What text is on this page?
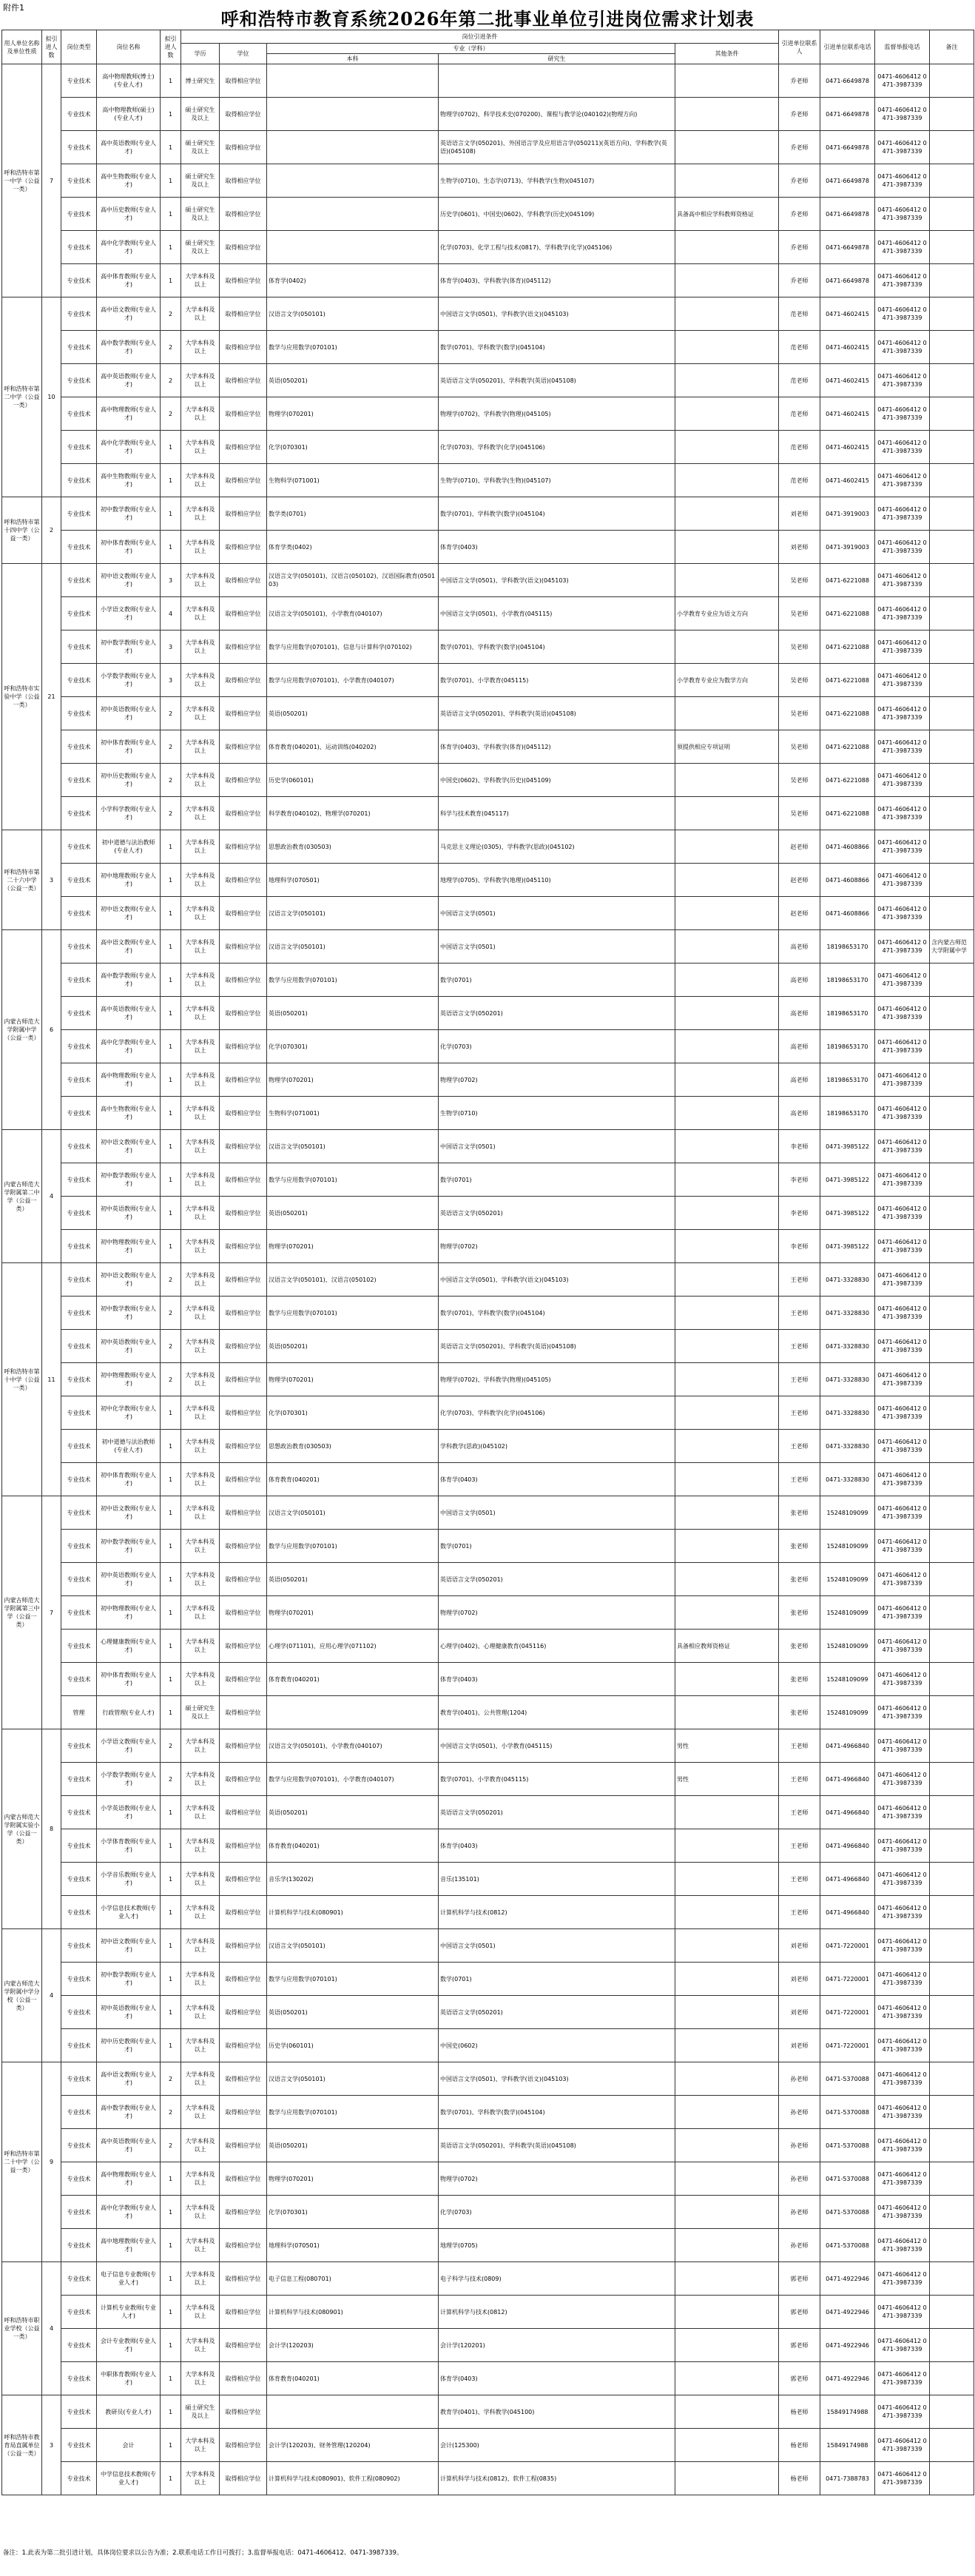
附件1
呼和浩特市教育系统2026年第二批事业单位引进岗位需求计划表
用人单位名称及单位性质	拟引进人数	岗位类型	岗位名称	拟引进人数	岗位引进条件					引进单位联系人	引进单位联系电话	监督举报电话	备注
					学历	学位	专业（学科）		其他条件				
							本科	研究生					
呼和浩特市第一中学（公益一类）	7	专业技术	高中物理教师(博士)(专业人才)	1	博士研究生	取得相应学位				乔老师	0471-6649878	0471-4606412 0471-3987339	
		专业技术	高中物理教师(硕士)(专业人才)	1	硕士研究生及以上	取得相应学位		物理学(0702)、科学技术史(070200)、课程与教学论(040102)(物理方向)		乔老师	0471-6649878	0471-4606412 0471-3987339	
		专业技术	高中英语教师(专业人才)	1	硕士研究生及以上	取得相应学位		英语语言文学(050201)、外国语言学及应用语言学(050211)(英语方向)、学科教学(英语)(045108)		乔老师	0471-6649878	0471-4606412 0471-3987339	
		专业技术	高中生物教师(专业人才)	1	硕士研究生及以上	取得相应学位		生物学(0710)、生态学(0713)、学科教学(生物)(045107)		乔老师	0471-6649878	0471-4606412 0471-3987339	
		专业技术	高中历史教师(专业人才)	1	硕士研究生及以上	取得相应学位		历史学(0601)、中国史(0602)、学科教学(历史)(045109)	具备高中相应学科教师资格证	乔老师	0471-6649878	0471-4606412 0471-3987339	
		专业技术	高中化学教师(专业人才)	1	硕士研究生及以上	取得相应学位		化学(0703)、化学工程与技术(0817)、学科教学(化学)(045106)		乔老师	0471-6649878	0471-4606412 0471-3987339	
		专业技术	高中体育教师(专业人才)	1	大学本科及以上	取得相应学位	体育学(0402)	体育学(0403)、学科教学(体育)(045112)		乔老师	0471-6649878	0471-4606412 0471-3987339	
呼和浩特市第二中学（公益一类）	10	专业技术	高中语文教师(专业人才)	2	大学本科及以上	取得相应学位	汉语言文学(050101)	中国语言文学(0501)、学科教学(语文)(045103)		范老师	0471-4602415	0471-4606412 0471-3987339	
		专业技术	高中数学教师(专业人才)	2	大学本科及以上	取得相应学位	数学与应用数学(070101)	数学(0701)、学科教学(数学)(045104)		范老师	0471-4602415	0471-4606412 0471-3987339	
		专业技术	高中英语教师(专业人才)	2	大学本科及以上	取得相应学位	英语(050201)	英语语言文学(050201)、学科教学(英语)(045108)		范老师	0471-4602415	0471-4606412 0471-3987339	
		专业技术	高中物理教师(专业人才)	2	大学本科及以上	取得相应学位	物理学(070201)	物理学(0702)、学科教学(物理)(045105)		范老师	0471-4602415	0471-4606412 0471-3987339	
		专业技术	高中化学教师(专业人才)	1	大学本科及以上	取得相应学位	化学(070301)	化学(0703)、学科教学(化学)(045106)		范老师	0471-4602415	0471-4606412 0471-3987339	
		专业技术	高中生物教师(专业人才)	1	大学本科及以上	取得相应学位	生物科学(071001)	生物学(0710)、学科教学(生物)(045107)		范老师	0471-4602415	0471-4606412 0471-3987339	
呼和浩特市第十四中学（公益一类）	2	专业技术	初中数学教师(专业人才)	1	大学本科及以上	取得相应学位	数学类(0701)	数学(0701)、学科教学(数学)(045104)		刘老师	0471-3919003	0471-4606412 0471-3987339	
		专业技术	初中体育教师(专业人才)	1	大学本科及以上	取得相应学位	体育学类(0402)	体育学(0403)		刘老师	0471-3919003	0471-4606412 0471-3987339	
呼和浩特市实验中学（公益一类）	21	专业技术	初中语文教师(专业人才)	3	大学本科及以上	取得相应学位	汉语言文学(050101)、汉语言(050102)、汉语国际教育(050103)	中国语言文学(0501)、学科教学(语文)(045103)		吴老师	0471-6221088	0471-4606412 0471-3987339	
		专业技术	小学语文教师(专业人才)	4	大学本科及以上	取得相应学位	汉语言文学(050101)、小学教育(040107)	中国语言文学(0501)、小学教育(045115)	小学教育专业应为语文方向	吴老师	0471-6221088	0471-4606412 0471-3987339	
		专业技术	初中数学教师(专业人才)	3	大学本科及以上	取得相应学位	数学与应用数学(070101)、信息与计算科学(070102)	数学(0701)、学科教学(数学)(045104)		吴老师	0471-6221088	0471-4606412 0471-3987339	
		专业技术	小学数学教师(专业人才)	3	大学本科及以上	取得相应学位	数学与应用数学(070101)、小学教育(040107)	数学(0701)、小学教育(045115)	小学教育专业应为数学方向	吴老师	0471-6221088	0471-4606412 0471-3987339	
		专业技术	初中英语教师(专业人才)	2	大学本科及以上	取得相应学位	英语(050201)	英语语言文学(050201)、学科教学(英语)(045108)		吴老师	0471-6221088	0471-4606412 0471-3987339	
		专业技术	初中体育教师(专业人才)	2	大学本科及以上	取得相应学位	体育教育(040201)、运动训练(040202)	体育学(0403)、学科教学(体育)(045112)	须提供相应专项证明	吴老师	0471-6221088	0471-4606412 0471-3987339	
		专业技术	初中历史教师(专业人才)	2	大学本科及以上	取得相应学位	历史学(060101)	中国史(0602)、学科教学(历史)(045109)		吴老师	0471-6221088	0471-4606412 0471-3987339	
		专业技术	小学科学教师(专业人才)	2	大学本科及以上	取得相应学位	科学教育(040102)、物理学(070201)	科学与技术教育(045117)		吴老师	0471-6221088	0471-4606412 0471-3987339	
呼和浩特市第二十六中学（公益一类）	3	专业技术	初中道德与法治教师(专业人才)	1	大学本科及以上	取得相应学位	思想政治教育(030503)	马克思主义理论(0305)、学科教学(思政)(045102)		赵老师	0471-4608866	0471-4606412 0471-3987339	
		专业技术	初中地理教师(专业人才)	1	大学本科及以上	取得相应学位	地理科学(070501)	地理学(0705)、学科教学(地理)(045110)		赵老师	0471-4608866	0471-4606412 0471-3987339	
		专业技术	初中语文教师(专业人才)	1	大学本科及以上	取得相应学位	汉语言文学(050101)	中国语言文学(0501)		赵老师	0471-4608866	0471-4606412 0471-3987339	
内蒙古师范大学附属中学（公益一类）	6	专业技术	高中语文教师(专业人才)	1	大学本科及以上	取得相应学位	汉语言文学(050101)	中国语言文学(0501)		高老师	18198653170	0471-4606412 0471-3987339	含内蒙古师范大学附属中学
		专业技术	高中数学教师(专业人才)	1	大学本科及以上	取得相应学位	数学与应用数学(070101)	数学(0701)		高老师	18198653170	0471-4606412 0471-3987339	
		专业技术	高中英语教师(专业人才)	1	大学本科及以上	取得相应学位	英语(050201)	英语语言文学(050201)		高老师	18198653170	0471-4606412 0471-3987339	
		专业技术	高中化学教师(专业人才)	1	大学本科及以上	取得相应学位	化学(070301)	化学(0703)		高老师	18198653170	0471-4606412 0471-3987339	
		专业技术	高中物理教师(专业人才)	1	大学本科及以上	取得相应学位	物理学(070201)	物理学(0702)		高老师	18198653170	0471-4606412 0471-3987339	
		专业技术	高中生物教师(专业人才)	1	大学本科及以上	取得相应学位	生物科学(071001)	生物学(0710)		高老师	18198653170	0471-4606412 0471-3987339	
内蒙古师范大学附属第二中学（公益一类）	4	专业技术	初中语文教师(专业人才)	1	大学本科及以上	取得相应学位	汉语言文学(050101)	中国语言文学(0501)		李老师	0471-3985122	0471-4606412 0471-3987339	
		专业技术	初中数学教师(专业人才)	1	大学本科及以上	取得相应学位	数学与应用数学(070101)	数学(0701)		李老师	0471-3985122	0471-4606412 0471-3987339	
		专业技术	初中英语教师(专业人才)	1	大学本科及以上	取得相应学位	英语(050201)	英语语言文学(050201)		李老师	0471-3985122	0471-4606412 0471-3987339	
		专业技术	初中物理教师(专业人才)	1	大学本科及以上	取得相应学位	物理学(070201)	物理学(0702)		李老师	0471-3985122	0471-4606412 0471-3987339	
呼和浩特市第十中学（公益一类）	11	专业技术	初中语文教师(专业人才)	2	大学本科及以上	取得相应学位	汉语言文学(050101)、汉语言(050102)	中国语言文学(0501)、学科教学(语文)(045103)		王老师	0471-3328830	0471-4606412 0471-3987339	
		专业技术	初中数学教师(专业人才)	2	大学本科及以上	取得相应学位	数学与应用数学(070101)	数学(0701)、学科教学(数学)(045104)		王老师	0471-3328830	0471-4606412 0471-3987339	
		专业技术	初中英语教师(专业人才)	2	大学本科及以上	取得相应学位	英语(050201)	英语语言文学(050201)、学科教学(英语)(045108)		王老师	0471-3328830	0471-4606412 0471-3987339	
		专业技术	初中物理教师(专业人才)	2	大学本科及以上	取得相应学位	物理学(070201)	物理学(0702)、学科教学(物理)(045105)		王老师	0471-3328830	0471-4606412 0471-3987339	
		专业技术	初中化学教师(专业人才)	1	大学本科及以上	取得相应学位	化学(070301)	化学(0703)、学科教学(化学)(045106)		王老师	0471-3328830	0471-4606412 0471-3987339	
		专业技术	初中道德与法治教师(专业人才)	1	大学本科及以上	取得相应学位	思想政治教育(030503)	学科教学(思政)(045102)		王老师	0471-3328830	0471-4606412 0471-3987339	
		专业技术	初中体育教师(专业人才)	1	大学本科及以上	取得相应学位	体育教育(040201)	体育学(0403)		王老师	0471-3328830	0471-4606412 0471-3987339	
内蒙古师范大学附属第三中学（公益一类）	7	专业技术	初中语文教师(专业人才)	1	大学本科及以上	取得相应学位	汉语言文学(050101)	中国语言文学(0501)		张老师	15248109099	0471-4606412 0471-3987339	
		专业技术	初中数学教师(专业人才)	1	大学本科及以上	取得相应学位	数学与应用数学(070101)	数学(0701)		张老师	15248109099	0471-4606412 0471-3987339	
		专业技术	初中英语教师(专业人才)	1	大学本科及以上	取得相应学位	英语(050201)	英语语言文学(050201)		张老师	15248109099	0471-4606412 0471-3987339	
		专业技术	初中物理教师(专业人才)	1	大学本科及以上	取得相应学位	物理学(070201)	物理学(0702)		张老师	15248109099	0471-4606412 0471-3987339	
		专业技术	心理健康教师(专业人才)	1	大学本科及以上	取得相应学位	心理学(071101)、应用心理学(071102)	心理学(0402)、心理健康教育(045116)	具备相应教师资格证	张老师	15248109099	0471-4606412 0471-3987339	
		专业技术	初中体育教师(专业人才)	1	大学本科及以上	取得相应学位	体育教育(040201)	体育学(0403)		张老师	15248109099	0471-4606412 0471-3987339	
		管理	行政管理(专业人才)	1	硕士研究生及以上	取得相应学位		教育学(0401)、公共管理(1204)		张老师	15248109099	0471-4606412 0471-3987339	
内蒙古师范大学附属实验小学（公益一类）	8	专业技术	小学语文教师(专业人才)	2	大学本科及以上	取得相应学位	汉语言文学(050101)、小学教育(040107)	中国语言文学(0501)、小学教育(045115)	男性	王老师	0471-4966840	0471-4606412 0471-3987339	
		专业技术	小学数学教师(专业人才)	2	大学本科及以上	取得相应学位	数学与应用数学(070101)、小学教育(040107)	数学(0701)、小学教育(045115)	男性	王老师	0471-4966840	0471-4606412 0471-3987339	
		专业技术	小学英语教师(专业人才)	1	大学本科及以上	取得相应学位	英语(050201)	英语语言文学(050201)		王老师	0471-4966840	0471-4606412 0471-3987339	
		专业技术	小学体育教师(专业人才)	1	大学本科及以上	取得相应学位	体育教育(040201)	体育学(0403)		王老师	0471-4966840	0471-4606412 0471-3987339	
		专业技术	小学音乐教师(专业人才)	1	大学本科及以上	取得相应学位	音乐学(130202)	音乐(135101)		王老师	0471-4966840	0471-4606412 0471-3987339	
		专业技术	小学信息技术教师(专业人才)	1	大学本科及以上	取得相应学位	计算机科学与技术(080901)	计算机科学与技术(0812)		王老师	0471-4966840	0471-4606412 0471-3987339	
内蒙古师范大学附属中学分校（公益一类）	4	专业技术	初中语文教师(专业人才)	1	大学本科及以上	取得相应学位	汉语言文学(050101)	中国语言文学(0501)		刘老师	0471-7220001	0471-4606412 0471-3987339	
		专业技术	初中数学教师(专业人才)	1	大学本科及以上	取得相应学位	数学与应用数学(070101)	数学(0701)		刘老师	0471-7220001	0471-4606412 0471-3987339	
		专业技术	初中英语教师(专业人才)	1	大学本科及以上	取得相应学位	英语(050201)	英语语言文学(050201)		刘老师	0471-7220001	0471-4606412 0471-3987339	
		专业技术	初中历史教师(专业人才)	1	大学本科及以上	取得相应学位	历史学(060101)	中国史(0602)		刘老师	0471-7220001	0471-4606412 0471-3987339	
呼和浩特市第二十中学（公益一类）	9	专业技术	高中语文教师(专业人才)	2	大学本科及以上	取得相应学位	汉语言文学(050101)	中国语言文学(0501)、学科教学(语文)(045103)		孙老师	0471-5370088	0471-4606412 0471-3987339	
		专业技术	高中数学教师(专业人才)	2	大学本科及以上	取得相应学位	数学与应用数学(070101)	数学(0701)、学科教学(数学)(045104)		孙老师	0471-5370088	0471-4606412 0471-3987339	
		专业技术	高中英语教师(专业人才)	2	大学本科及以上	取得相应学位	英语(050201)	英语语言文学(050201)、学科教学(英语)(045108)		孙老师	0471-5370088	0471-4606412 0471-3987339	
		专业技术	高中物理教师(专业人才)	1	大学本科及以上	取得相应学位	物理学(070201)	物理学(0702)		孙老师	0471-5370088	0471-4606412 0471-3987339	
		专业技术	高中化学教师(专业人才)	1	大学本科及以上	取得相应学位	化学(070301)	化学(0703)		孙老师	0471-5370088	0471-4606412 0471-3987339	
		专业技术	高中地理教师(专业人才)	1	大学本科及以上	取得相应学位	地理科学(070501)	地理学(0705)		孙老师	0471-5370088	0471-4606412 0471-3987339	
呼和浩特市职业学校（公益一类）	4	专业技术	电子信息专业教师(专业人才)	1	大学本科及以上	取得相应学位	电子信息工程(080701)	电子科学与技术(0809)		郭老师	0471-4922946	0471-4606412 0471-3987339	
		专业技术	计算机专业教师(专业人才)	1	大学本科及以上	取得相应学位	计算机科学与技术(080901)	计算机科学与技术(0812)		郭老师	0471-4922946	0471-4606412 0471-3987339	
		专业技术	会计专业教师(专业人才)	1	大学本科及以上	取得相应学位	会计学(120203)	会计学(120201)		郭老师	0471-4922946	0471-4606412 0471-3987339	
		专业技术	中职体育教师(专业人才)	1	大学本科及以上	取得相应学位	体育教育(040201)	体育学(0403)		郭老师	0471-4922946	0471-4606412 0471-3987339	
呼和浩特市教育局直属单位（公益一类）	3	专业技术	教研员(专业人才)	1	硕士研究生及以上	取得相应学位		教育学(0401)、学科教学(045100)		杨老师	15849174988	0471-4606412 0471-3987339	
		专业技术	会计	1	大学本科及以上	取得相应学位	会计学(120203)、财务管理(120204)	会计(125300)		杨老师	15849174988	0471-4606412 0471-3987339	
		专业技术	中学信息技术教师(专业人才)	1	大学本科及以上	取得相应学位	计算机科学与技术(080901)、软件工程(080902)	计算机科学与技术(0812)、软件工程(0835)		杨老师	0471-7388783	0471-4606412 0471-3987339	
备注：1.此表为第二批引进计划，具体岗位要求以公告为准；2.联系电话工作日可拨打；3.监督举报电话：0471-4606412、0471-3987339。
